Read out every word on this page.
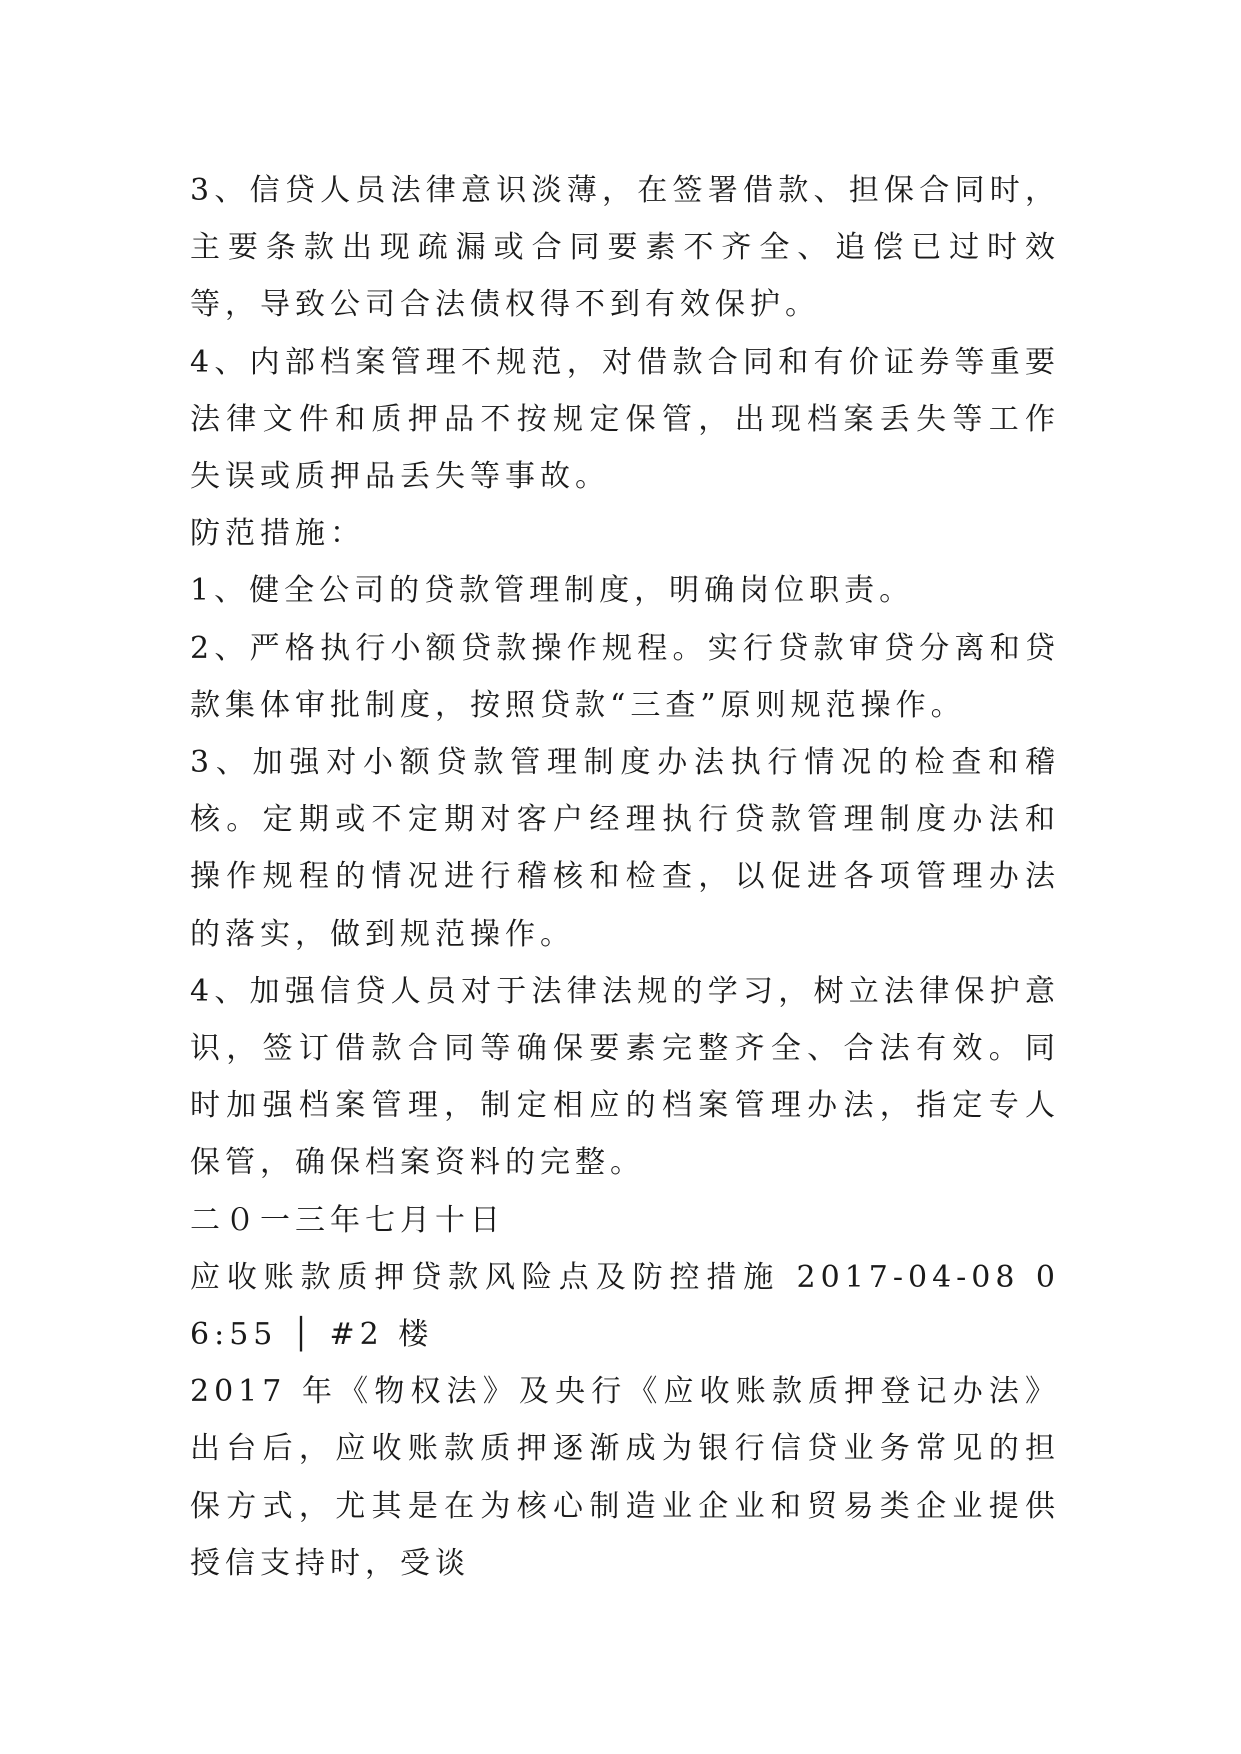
3、信贷人员法律意识淡薄，在签署借款、担保合同时，主要条款出现疏漏或合同要素不齐全、追偿已过时效等，导致公司合法债权得不到有效保护。

4、内部档案管理不规范，对借款合同和有价证券等重要法律文件和质押品不按规定保管，出现档案丢失等工作失误或质押品丢失等事故。

防范措施：

1、健全公司的贷款管理制度，明确岗位职责。

2、严格执行小额贷款操作规程。实行贷款审贷分离和贷款集体审批制度，按照贷款“三查”原则规范操作。

3、加强对小额贷款管理制度办法执行情况的检查和稽核。定期或不定期对客户经理执行贷款管理制度办法和操作规程的情况进行稽核和检查，以促进各项管理办法的落实，做到规范操作。

4、加强信贷人员对于法律法规的学习，树立法律保护意识，签订借款合同等确保要素完整齐全、合法有效。同时加强档案管理，制定相应的档案管理办法，指定专人保管，确保档案资料的完整。

二０一三年七月十日

应收账款质押贷款风险点及防控措施 2017-04-08 06:55 │ #2 楼

2017 年《物权法》及央行《应收账款质押登记办法》出台后，应收账款质押逐渐成为银行信贷业务常见的担保方式，尤其是在为核心制造业企业和贸易类企业提供授信支持时，受谈
